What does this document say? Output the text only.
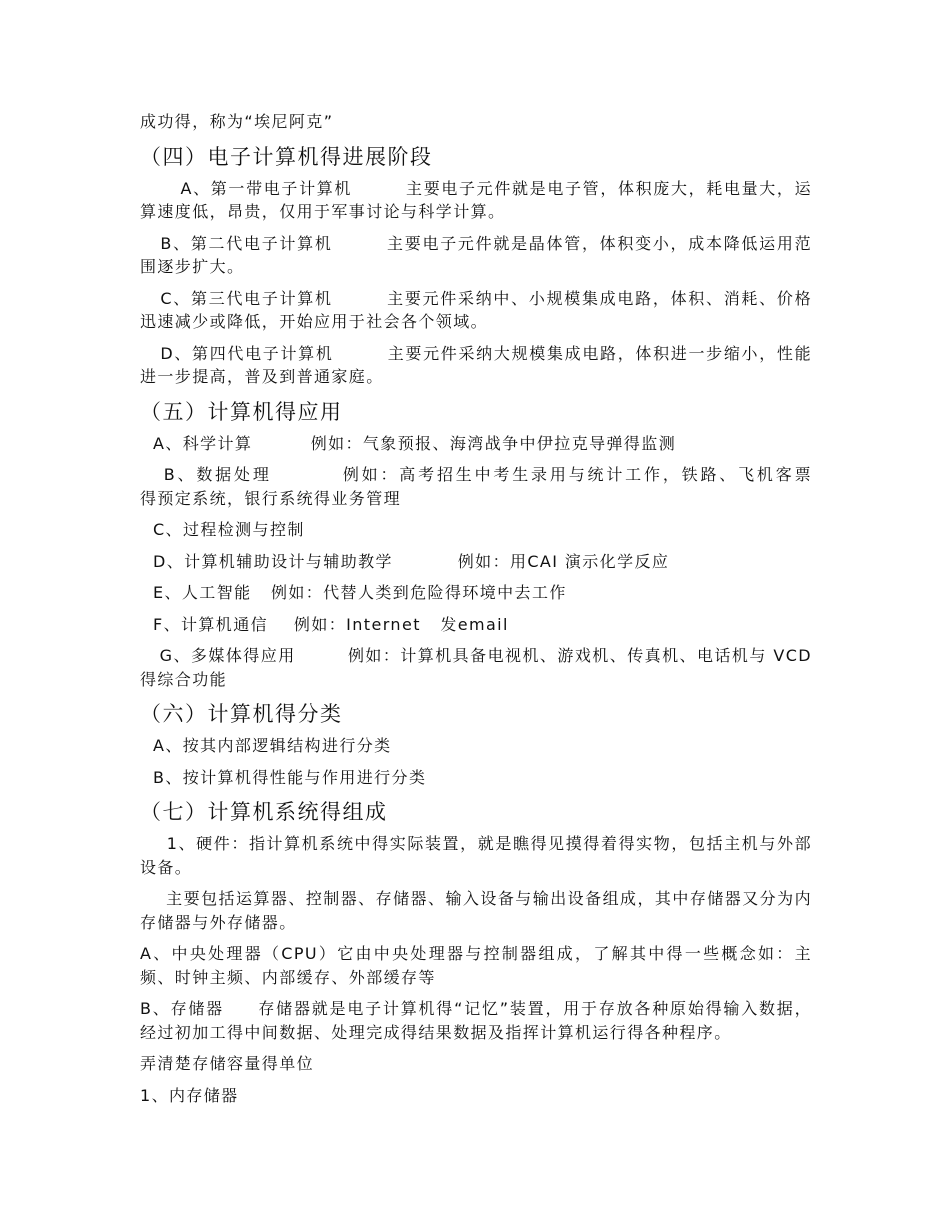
成功得，称为“埃尼阿克”
（四）电子计算机得进展阶段
A、第一带电子计算机        主要电子元件就是电子管，体积庞大，耗电量大，运算速度低，昂贵，仅用于军事讨论与科学计算。
B、第二代电子计算机        主要电子元件就是晶体管，体积变小，成本降低运用范围逐步扩大。
C、第三代电子计算机        主要元件采纳中、小规模集成电路，体积、消耗、价格迅速减少或降低，开始应用于社会各个领域。
D、第四代电子计算机        主要元件采纳大规模集成电路，体积进一步缩小，性能进一步提高，普及到普通家庭。
（五）计算机得应用
A、科学计算         例如：气象预报、海湾战争中伊拉克导弹得监测
B、数据处理         例如：高考招生中考生录用与统计工作，铁路、飞机客票        得预定系统，银行系统得业务管理
C、过程检测与控制
D、计算机辅助设计与辅助教学          例如：用CAI 演示化学反应
E、人工智能   例如：代替人类到危险得环境中去工作
F、计算机通信    例如：Internet   发email
G、多媒体得应用        例如：计算机具备电视机、游戏机、传真机、电话机与 VCD得综合功能
（六）计算机得分类
A、按其内部逻辑结构进行分类
B、按计算机得性能与作用进行分类
（七）计算机系统得组成
1、硬件：指计算机系统中得实际装置，就是瞧得见摸得着得实物，包括主机与外部设备。
主要包括运算器、控制器、存储器、输入设备与输出设备组成，其中存储器又分为内存储器与外存储器。
A、中央处理器（CPU）它由中央处理器与控制器组成，了解其中得一些概念如：主频、时钟主频、内部缓存、外部缓存等
B、存储器     存储器就是电子计算机得“记忆”装置，用于存放各种原始得输入数据，经过初加工得中间数据、处理完成得结果数据及指挥计算机运行得各种程序。
弄清楚存储容量得单位
1、内存储器
